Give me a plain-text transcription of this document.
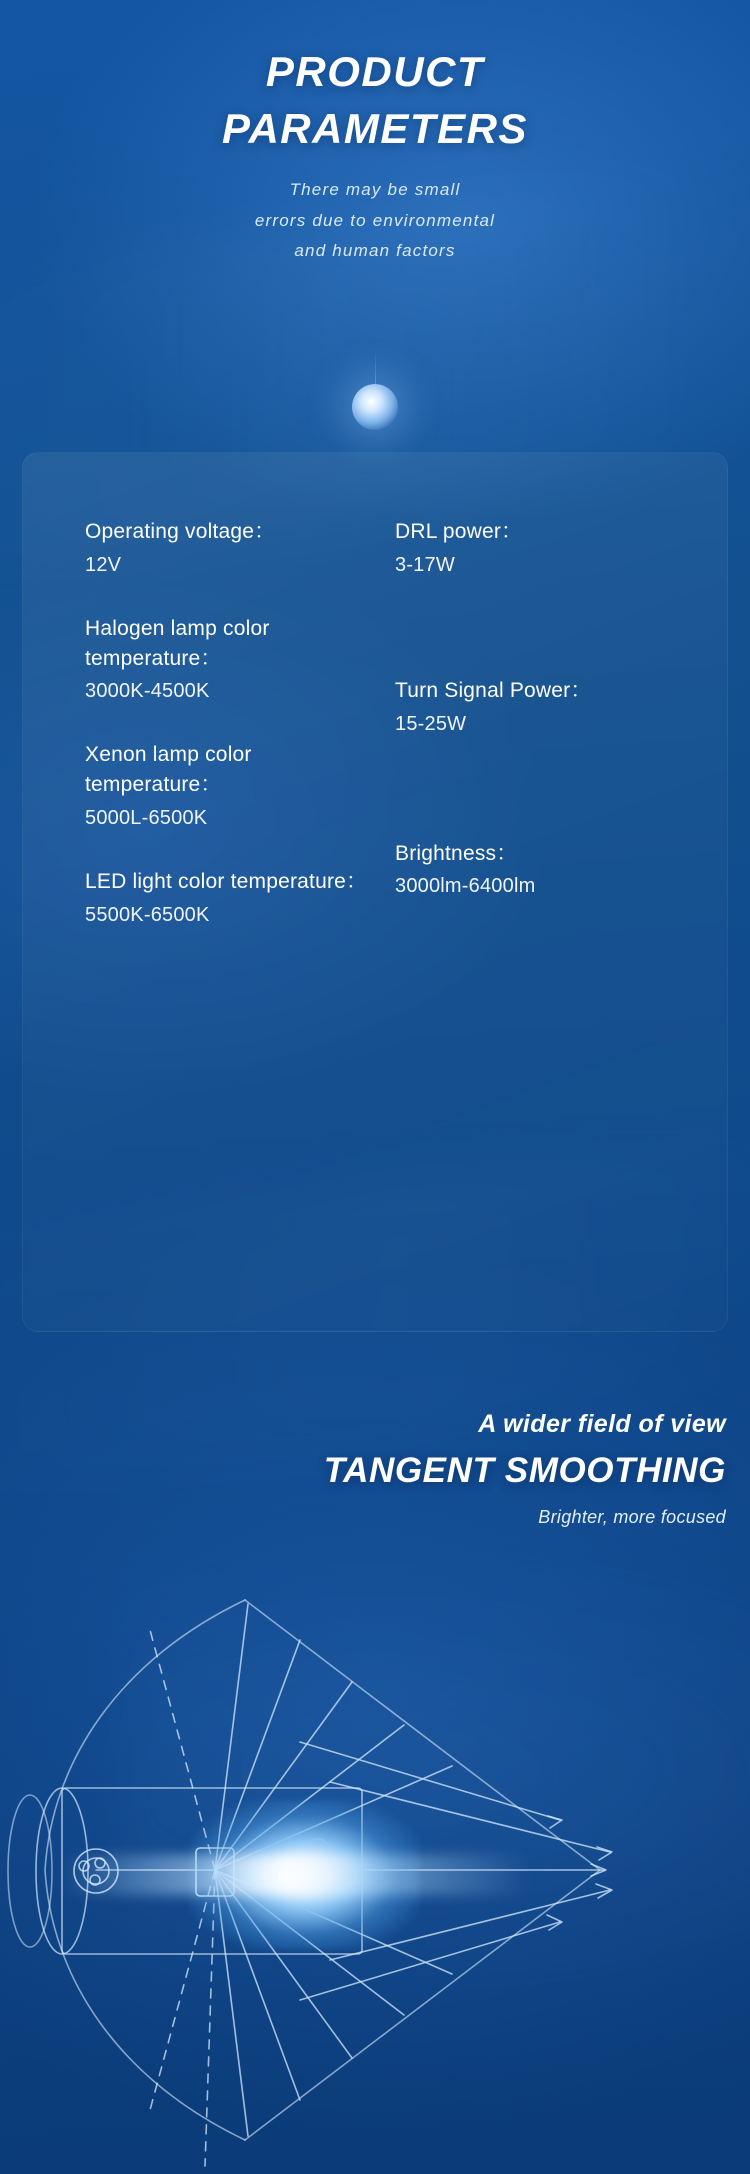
PRODUCT
PARAMETERS
There may be small
errors due to environmental
and human factors
Operating voltage：
12V
Halogen lamp color temperature：
3000K-4500K
Xenon lamp color temperature：
5000L-6500K
LED light color temperature：
5500K-6500K
DRL power：
3-17W
Turn Signal Power：
15-25W
Brightness：
3000lm-6400lm
A wider field of view
TANGENT SMOOTHING
Brighter, more focused
